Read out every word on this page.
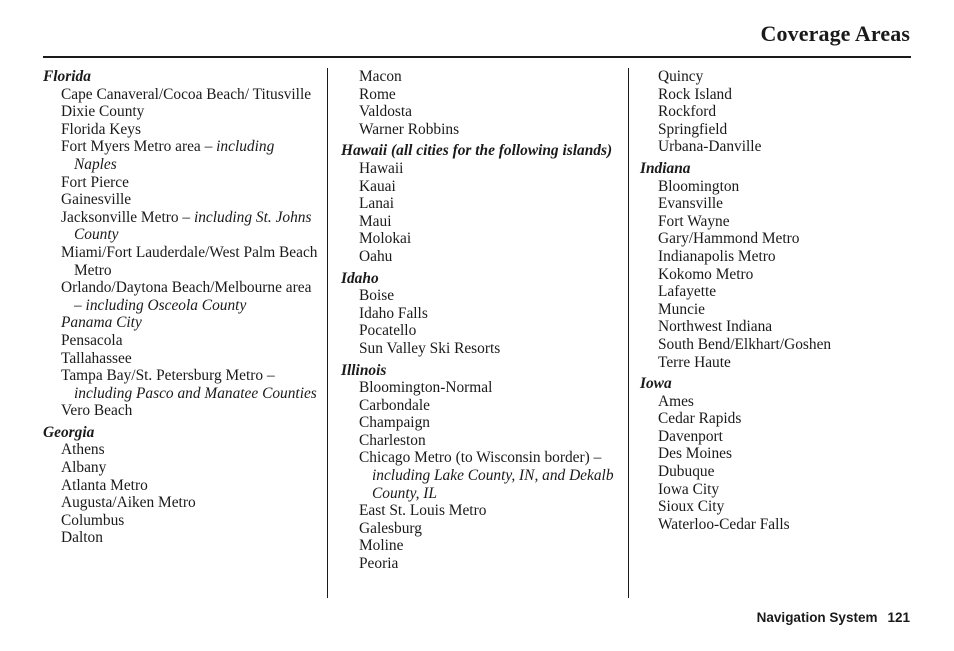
Coverage Areas
Florida
Cape Canaveral/Cocoa Beach/ Titusville
Dixie County
Florida Keys
Fort Myers Metro area – including Naples
Fort Pierce
Gainesville
Jacksonville Metro – including St. Johns County
Miami/Fort Lauderdale/West Palm Beach Metro
Orlando/Daytona Beach/Melbourne area – including Osceola County
Panama City
Pensacola
Tallahassee
Tampa Bay/St. Petersburg Metro – including Pasco and Manatee Counties
Vero Beach
Georgia
Athens
Albany
Atlanta Metro
Augusta/Aiken Metro
Columbus
Dalton
Macon
Rome
Valdosta
Warner Robbins
Hawaii (all cities for the following islands)
Hawaii
Kauai
Lanai
Maui
Molokai
Oahu
Idaho
Boise
Idaho Falls
Pocatello
Sun Valley Ski Resorts
Illinois
Bloomington-Normal
Carbondale
Champaign
Charleston
Chicago Metro (to Wisconsin border) – including Lake County, IN, and Dekalb County, IL
East St. Louis Metro
Galesburg
Moline
Peoria
Quincy
Rock Island
Rockford
Springfield
Urbana-Danville
Indiana
Bloomington
Evansville
Fort Wayne
Gary/Hammond Metro
Indianapolis Metro
Kokomo Metro
Lafayette
Muncie
Northwest Indiana
South Bend/Elkhart/Goshen
Terre Haute
Iowa
Ames
Cedar Rapids
Davenport
Des Moines
Dubuque
Iowa City
Sioux City
Waterloo-Cedar Falls
Navigation System 121
